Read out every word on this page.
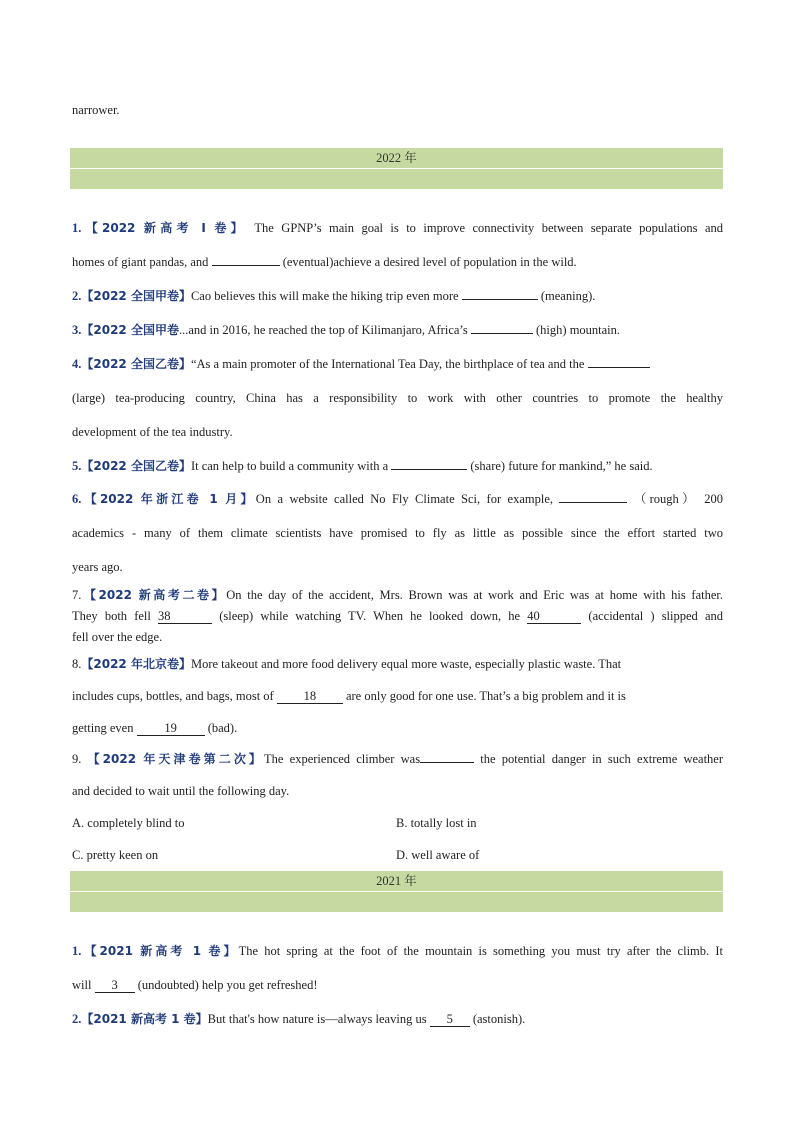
narrower.
2022 年
1.【2022 新高考 I 卷】 The GPNP’s main goal is to improve connectivity between separate populations and
homes of giant pandas, and	(eventual)achieve a desired level of population in the wild.
2.【2022 全国甲卷】Cao believes this will make the hiking trip even more	(meaning).
3.【2022 全国甲卷...and in 2016, he reached the top of Kilimanjaro, Africa’s	(high) mountain.
4.【2022 全国乙卷】“As a main promoter of the International Tea Day, the birthplace of tea and the
(large) tea-producing country, China has a responsibility to work with other countries to promote the healthy
development of the tea industry.
5.【2022 全国乙卷】It can help to build a community with a	(share) future for mankind,” he said.
6.【2022 年浙江卷 1 月】On a website called No Fly Climate Sci, for example,	（rough） 200
academics - many of them climate scientists have promised to fly as little as possible since the effort started two
years ago.
7.【2022 新高考二卷】On the day of the accident, Mrs. Brown was at work and Eric was at home with his father.
They both fell 38	(sleep) while watching TV. When he looked down, he 40	(accidental ) slipped and
fell over the edge.
8.【2022 年北京卷】More takeout and more food delivery equal more waste, especially plastic waste. That
includes cups, bottles, and bags, most of 18 are only good for one use. That’s a big problem and it is
getting even 19 (bad).
9. 【2022 年天津卷第二次】The experienced climber was	the potential danger in such extreme weather
and decided to wait until the following day.
A. completely blind to	B. totally lost in
C. pretty keen on	D. well aware of
2021 年
1.【2021 新高考 1 卷】The hot spring at the foot of the mountain is something you must try after the climb. It
will 3 (undoubted) help you get refreshed!
2.【2021 新高考 1 卷】But that's how nature is—always leaving us 5 (astonish).
